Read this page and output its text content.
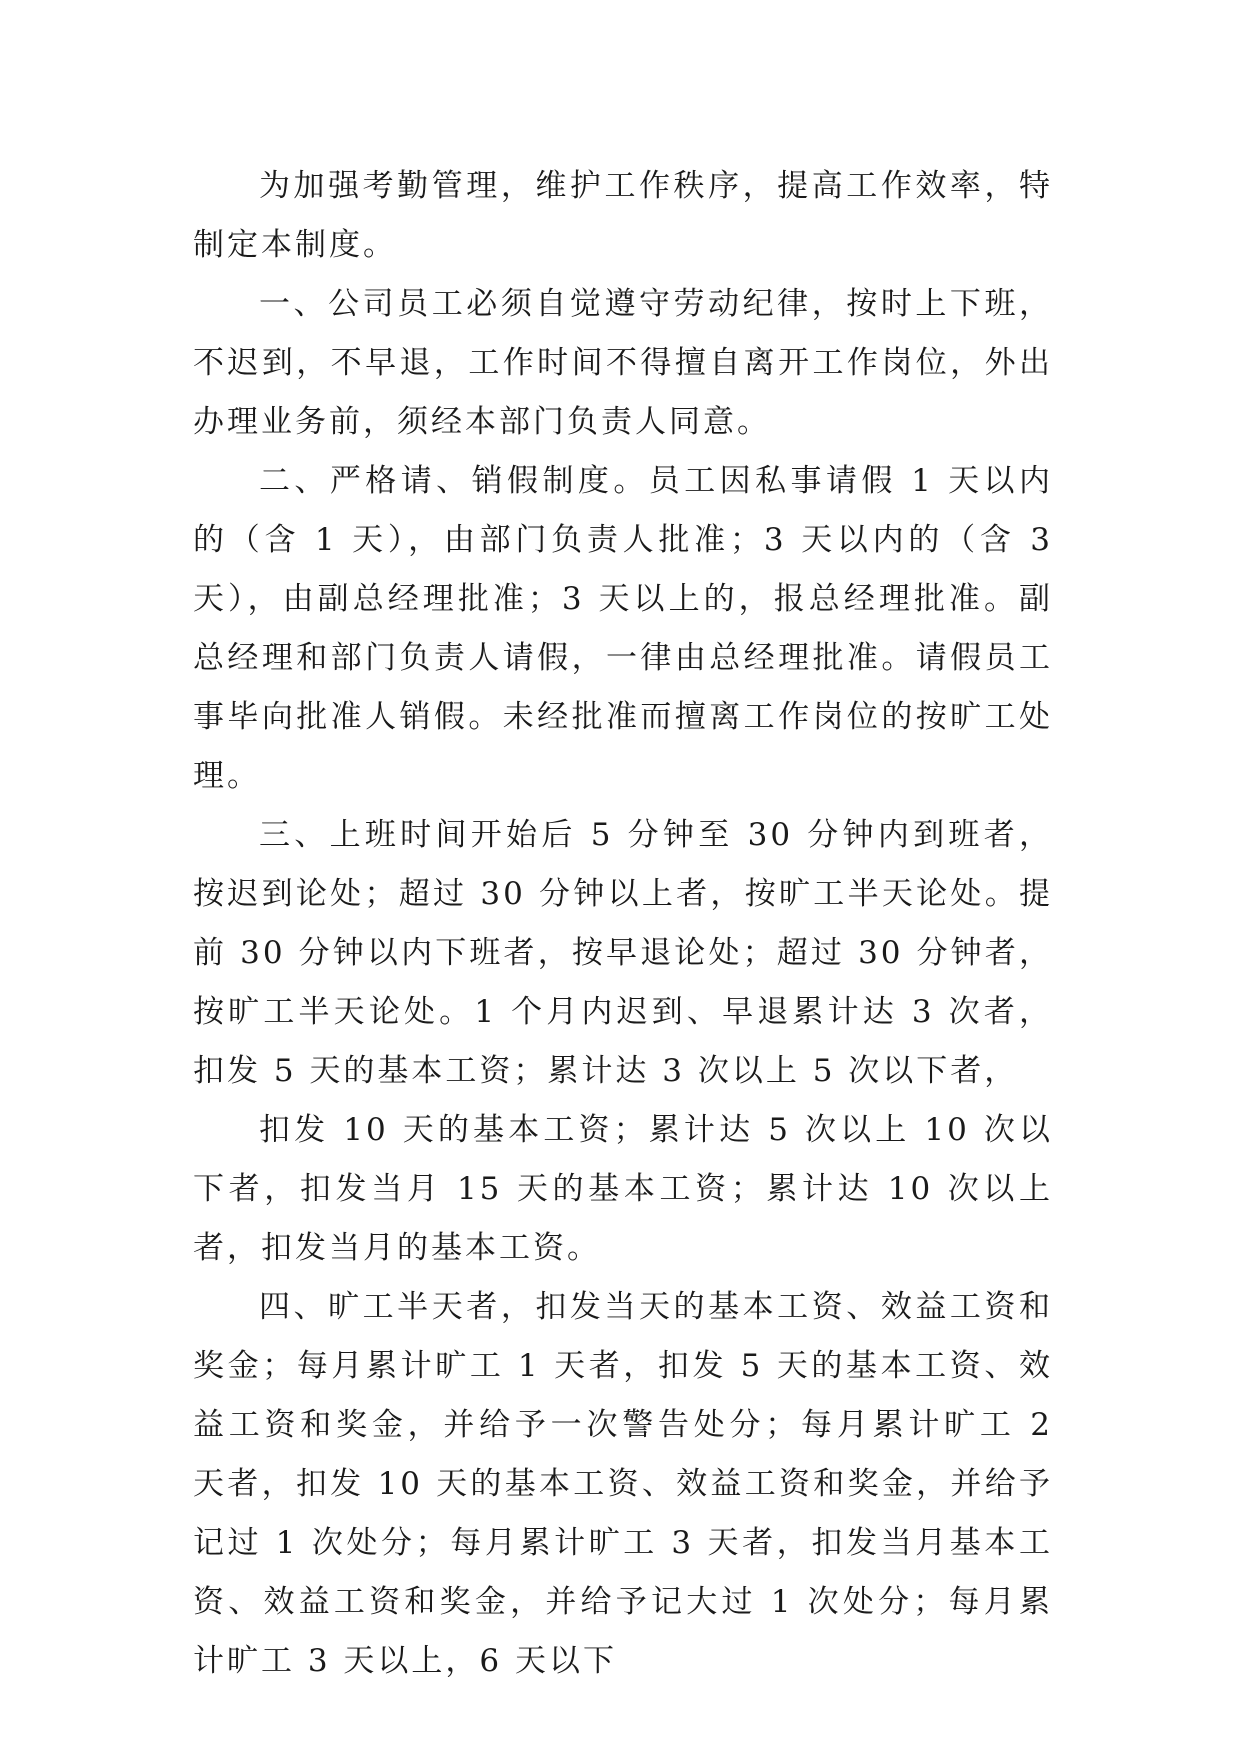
为加强考勤管理，维护工作秩序，提高工作效率，特制定本制度。

一、公司员工必须自觉遵守劳动纪律，按时上下班，不迟到，不早退，工作时间不得擅自离开工作岗位，外出办理业务前，须经本部门负责人同意。

二、严格请、销假制度。员工因私事请假 1 天以内的（含 1 天），由部门负责人批准；3 天以内的（含 3 天），由副总经理批准；3 天以上的，报总经理批准。副总经理和部门负责人请假，一律由总经理批准。请假员工事毕向批准人销假。未经批准而擅离工作岗位的按旷工处理。

三、上班时间开始后 5 分钟至 30 分钟内到班者，按迟到论处；超过 30 分钟以上者，按旷工半天论处。提前 30 分钟以内下班者，按早退论处；超过 30 分钟者，按旷工半天论处。1 个月内迟到、早退累计达 3 次者，扣发 5 天的基本工资；累计达 3 次以上 5 次以下者，

扣发 10 天的基本工资；累计达 5 次以上 10 次以下者，扣发当月 15 天的基本工资；累计达 10 次以上者，扣发当月的基本工资。

四、旷工半天者，扣发当天的基本工资、效益工资和奖金；每月累计旷工 1 天者，扣发 5 天的基本工资、效益工资和奖金，并给予一次警告处分；每月累计旷工 2 天者，扣发 10 天的基本工资、效益工资和奖金，并给予记过 1 次处分；每月累计旷工 3 天者，扣发当月基本工资、效益工资和奖金，并给予记大过 1 次处分；每月累计旷工 3 天以上，6 天以下
